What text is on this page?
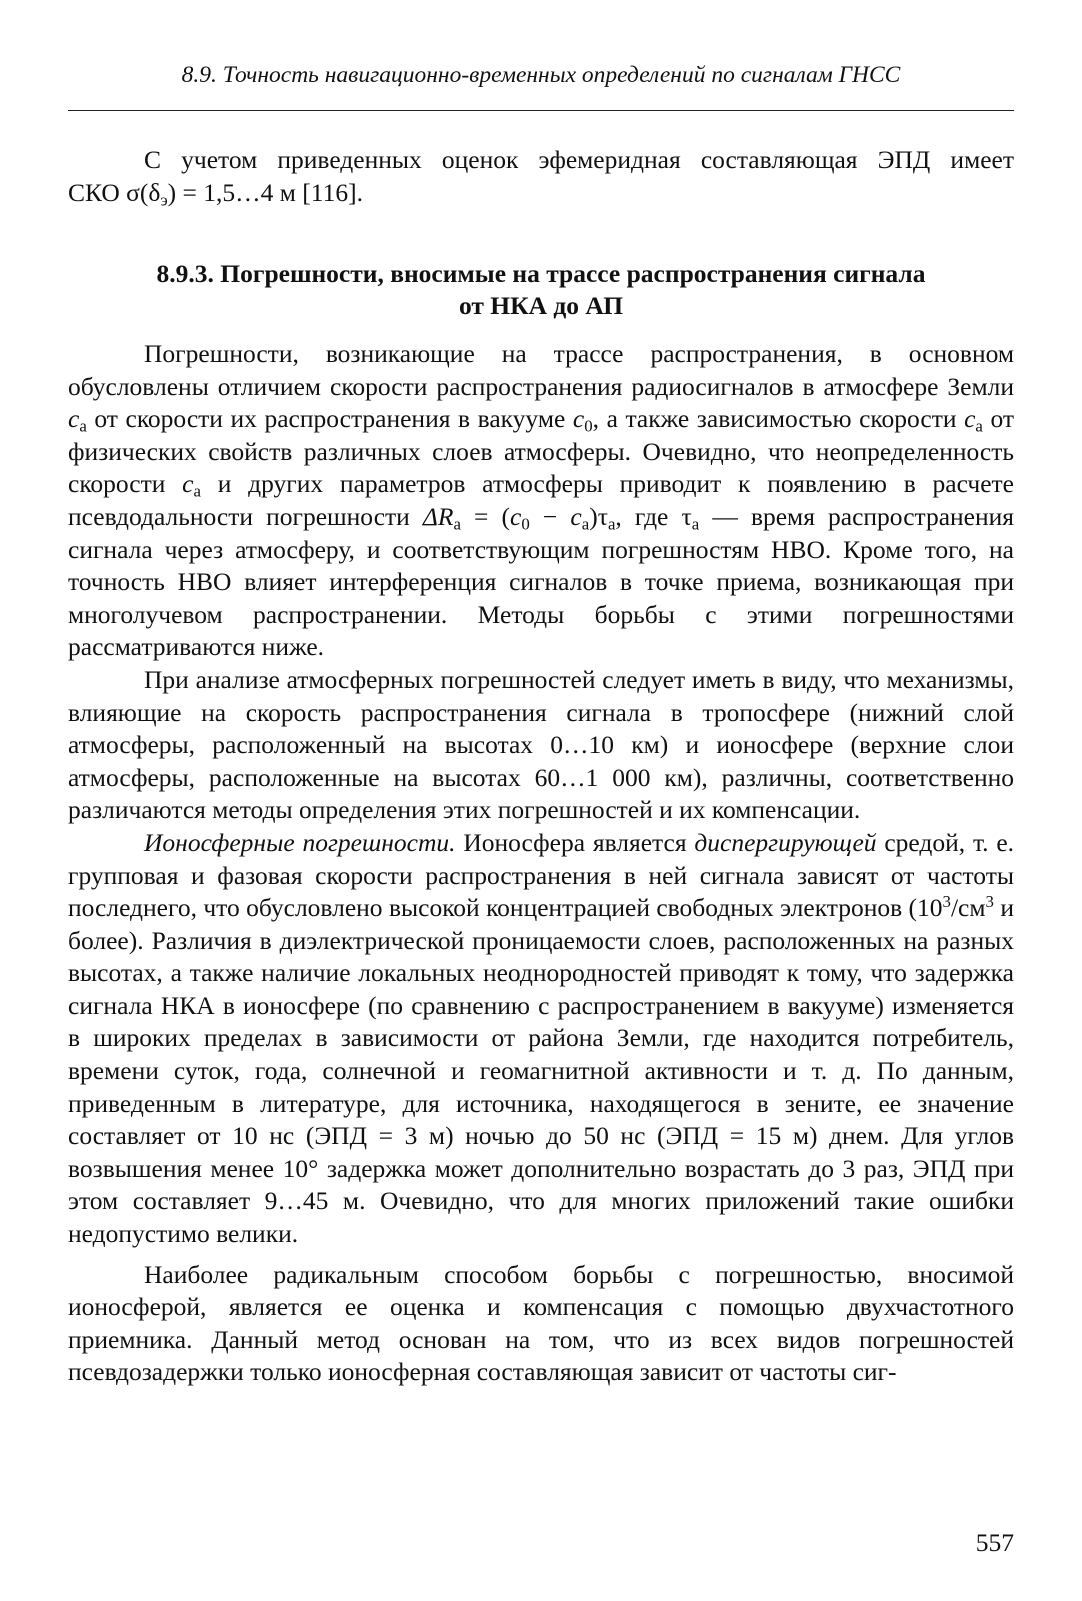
8.9. Точность навигационно-временных определений по сигналам ГНСС

С учетом приведенных оценок эфемеридная составляющая ЭПД имеет СКО $\sigma(\delta_э)$ = 1,5…4 м [116].

8.9.3. Погрешности, вносимые на трассе распространения сигнала
от НКА до АП

Погрешности, возникающие на трассе распространения, в основном обусловлены отличием скорости распространения радиосигналов в атмосфере Земли $c_а$ от скорости их распространения в вакууме $c_0$, а также зависимостью скорости $c_а$ от физических свойств различных слоев атмосферы. Очевидно, что неопределенность скорости $c_а$ и других параметров атмосферы приводит к появлению в расчете псевдодальности погрешности $\Delta R_а = (c_0 - c_а)\tau_а$, где $\tau_а$ — время распространения сигнала через атмосферу, и соответствующим погрешностям НВО. Кроме того, на точность НВО влияет интерференция сигналов в точке приема, возникающая при многолучевом распространении. Методы борьбы с этими погрешностями рассматриваются ниже.

При анализе атмосферных погрешностей следует иметь в виду, что механизмы, влияющие на скорость распространения сигнала в тропосфере (нижний слой атмосферы, расположенный на высотах 0…10 км) и ионосфере (верхние слои атмосферы, расположенные на высотах 60…1 000 км), различны, соответственно различаются методы определения этих погрешностей и их компенсации.

Ионосферные погрешности. Ионосфера является диспергирующей средой, т. е. групповая и фазовая скорости распространения в ней сигнала зависят от частоты последнего, что обусловлено высокой концентрацией свободных электронов ($10^3/см^3$ и более). Различия в диэлектрической проницаемости слоев, расположенных на разных высотах, а также наличие локальных неоднородностей приводят к тому, что задержка сигнала НКА в ионосфере (по сравнению с распространением в вакууме) изменяется в широких пределах в зависимости от района Земли, где находится потребитель, времени суток, года, солнечной и геомагнитной активности и т. д. По данным, приведенным в литературе, для источника, находящегося в зените, ее значение составляет от 10 нс (ЭПД = 3 м) ночью до 50 нс (ЭПД = 15 м) днем. Для углов возвышения менее 10° задержка может дополнительно возрастать до 3 раз, ЭПД при этом составляет 9…45 м. Очевидно, что для многих приложений такие ошибки недопустимо велики.

Наиболее радикальным способом борьбы с погрешностью, вносимой ионосферой, является ее оценка и компенсация с помощью двухчастотного приемника. Данный метод основан на том, что из всех видов погрешностей псевдозадержки только ионосферная составляющая зависит от частоты сиг-

557
